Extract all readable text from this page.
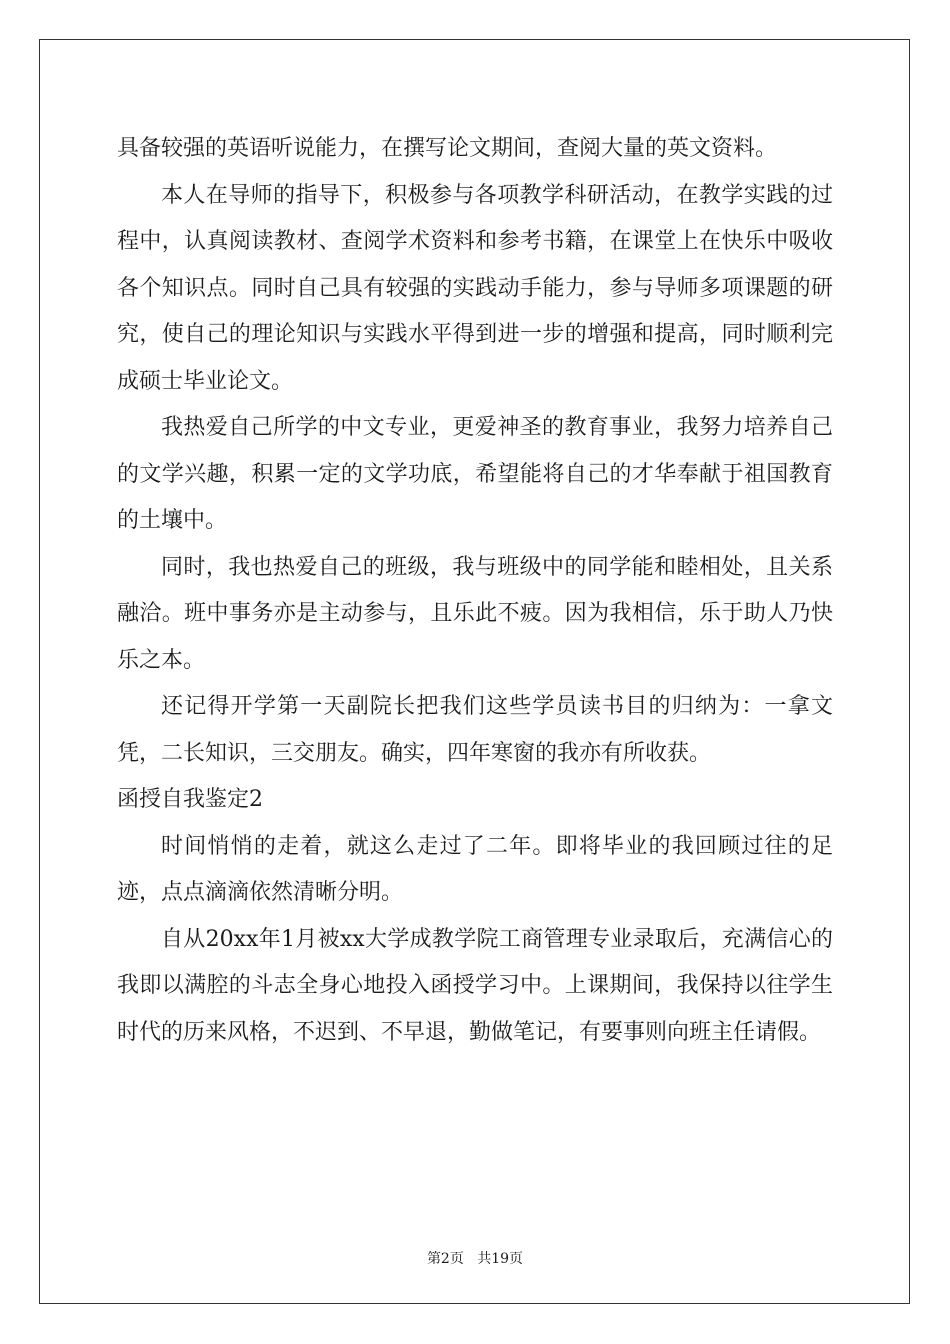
具备较强的英语听说能力，在撰写论文期间，查阅大量的英文资料。

本人在导师的指导下，积极参与各项教学科研活动，在教学实践的过程中，认真阅读教材、查阅学术资料和参考书籍，在课堂上在快乐中吸收各个知识点。同时自己具有较强的实践动手能力，参与导师多项课题的研究，使自己的理论知识与实践水平得到进一步的增强和提高，同时顺利完成硕士毕业论文。

我热爱自己所学的中文专业，更爱神圣的教育事业，我努力培养自己的文学兴趣，积累一定的文学功底，希望能将自己的才华奉献于祖国教育的土壤中。

同时，我也热爱自己的班级，我与班级中的同学能和睦相处，且关系融洽。班中事务亦是主动参与，且乐此不疲。因为我相信，乐于助人乃快乐之本。

还记得开学第一天副院长把我们这些学员读书目的归纳为：一拿文凭，二长知识，三交朋友。确实，四年寒窗的我亦有所收获。

函授自我鉴定2

时间悄悄的走着，就这么走过了二年。即将毕业的我回顾过往的足迹，点点滴滴依然清晰分明。

自从20xx年1月被xx大学成教学院工商管理专业录取后，充满信心的我即以满腔的斗志全身心地投入函授学习中。上课期间，我保持以往学生时代的历来风格，不迟到、不早退，勤做笔记，有要事则向班主任请假。

第2页 共19页
